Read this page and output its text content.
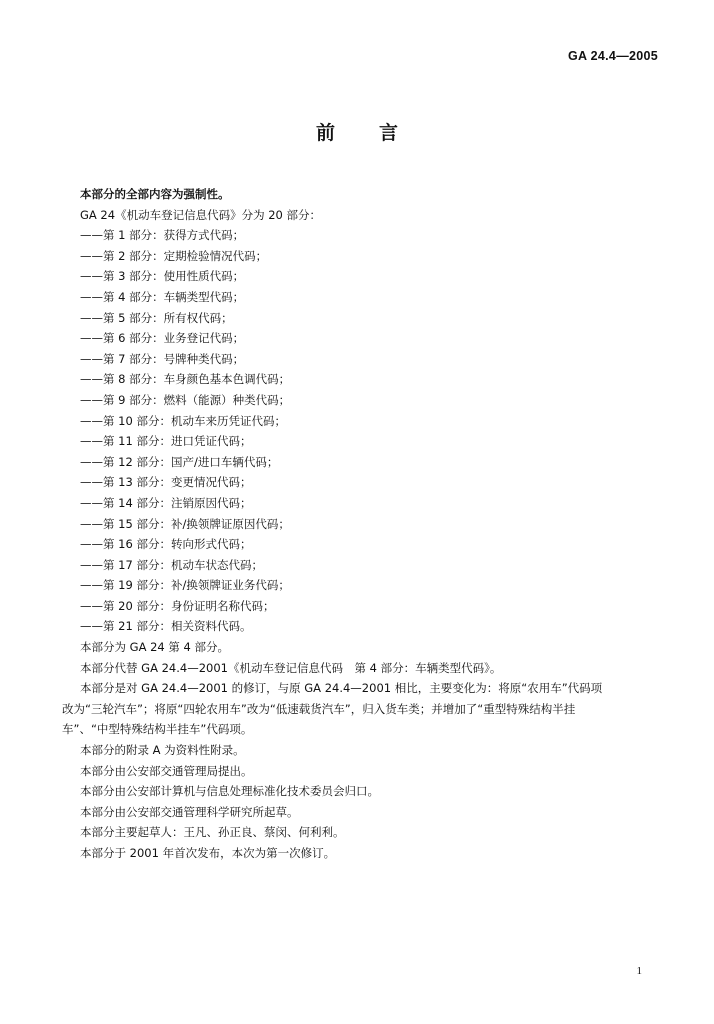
GA 24.4—2005
前言
本部分的全部内容为强制性。
GA 24《机动车登记信息代码》分为 20 部分：
——第 1 部分：获得方式代码；
——第 2 部分：定期检验情况代码；
——第 3 部分：使用性质代码；
——第 4 部分：车辆类型代码；
——第 5 部分：所有权代码；
——第 6 部分：业务登记代码；
——第 7 部分：号牌种类代码；
——第 8 部分：车身颜色基本色调代码；
——第 9 部分：燃料（能源）种类代码；
——第 10 部分：机动车来历凭证代码；
——第 11 部分：进口凭证代码；
——第 12 部分：国产/进口车辆代码；
——第 13 部分：变更情况代码；
——第 14 部分：注销原因代码；
——第 15 部分：补/换领牌证原因代码；
——第 16 部分：转向形式代码；
——第 17 部分：机动车状态代码；
——第 19 部分：补/换领牌证业务代码；
——第 20 部分：身份证明名称代码；
——第 21 部分：相关资料代码。
本部分为 GA 24 第 4 部分。
本部分代替 GA 24.4—2001《机动车登记信息代码　第 4 部分：车辆类型代码》。
本部分是对 GA 24.4—2001 的修订，与原 GA 24.4—2001 相比，主要变化为：将原“农用车”代码项
改为“三轮汽车”；将原“四轮农用车”改为“低速载货汽车”，归入货车类；并增加了“重型特殊结构半挂
车”、“中型特殊结构半挂车”代码项。
本部分的附录 A 为资料性附录。
本部分由公安部交通管理局提出。
本部分由公安部计算机与信息处理标准化技术委员会归口。
本部分由公安部交通管理科学研究所起草。
本部分主要起草人：王凡、孙正良、蔡闵、何利利。
本部分于 2001 年首次发布，本次为第一次修订。
1
